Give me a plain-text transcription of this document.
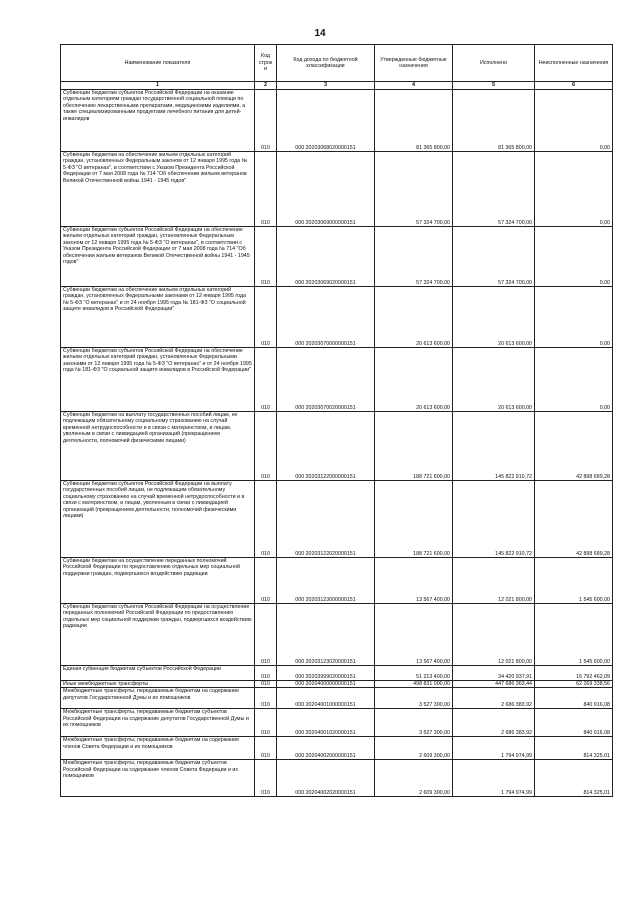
14
Наименование показателя	Код строк и	Код дохода по бюджетной классификации	Утвержденные бюджетные назначения	Исполнено	Неисполненные назначения
1	2	3	4	5	6
Субвенции бюджетам субъектов Российской Федерации на оказание отдельным категориям граждан государственной социальной помощи по обеспечению лекарственными препаратами, медицинскими изделиями, а также специализированными продуктами лечебного питания для детей-инвалидов	010	000 20203068020000151	81 365 800,00	81 365 800,00	0,00
Субвенции бюджетам на обеспечение жильем отдельных категорий граждан, установленных Федеральным законом от 12 января 1995 года № 5-ФЗ "О ветеранах", в соответствии с Указом Президента Российской Федерации от 7 мая 2008 года № 714 "Об обеспечении жильем ветеранов Великой Отечественной войны 1941 - 1945 годов"	010	000 20203069000000151	57 324 700,00	57 324 700,00	0,00
Субвенции бюджетам субъектов Российской Федерации на обеспечение жильем отдельных категорий граждан, установленных Федеральным законом от 12 января 1995 года № 5-ФЗ "О ветеранах", в соответствии с Указом Президента Российской Федерации от 7 мая 2008 года № 714 "Об обеспечении жильем ветеранов Великой Отечественной войны 1941 - 1945 годов"	010	000 20203069020000151	57 324 700,00	57 324 700,00	0,00
Субвенции бюджетам на обеспечение жильем отдельных категорий граждан, установленных Федеральными законами от 12 января 1995 года № 5-ФЗ "О ветеранах" и от 24 ноября 1995 года № 181-ФЗ "О социальной защите инвалидов в Российской Федерации"	010	000 20203070000000151	20 613 600,00	20 613 600,00	0,00
Субвенции бюджетам субъектов Российской Федерации на обеспечение жильем отдельных категорий граждан, установленных Федеральными законами от 12 января 1995 года № 5-ФЗ "О ветеранах" и от 24 ноября 1995 года № 181-ФЗ "О социальной защите инвалидов в Российской Федерации"	010	000 20203070020000151	20 613 600,00	20 613 600,00	0,00
Субвенции бюджетам на выплату государственных пособий лицам, не подлежащим обязательному социальному страхованию на случай временной нетрудоспособности и в связи с материнством, и лицам, уволенным в связи с ликвидацией организаций (прекращением деятельности, полномочий физическими лицами)	010	000 20203122000000151	188 721 600,00	145 822 910,72	42 898 689,28
Субвенции бюджетам субъектов Российской Федерации на выплату государственных пособий лицам, не подлежащим обязательному социальному страхованию на случай временной нетрудоспособности и в связи с материнством, и лицам, уволенным в связи с ликвидацией организаций (прекращением деятельности, полномочий физическими лицами)	010	000 20203122020000151	188 721 600,00	145 822 910,72	42 898 689,28
Субвенции бюджетам на осуществление переданных полномочий Российской Федерации по предоставлению отдельных мер социальной поддержки граждан, подвергшихся воздействию радиации	010	000 20203123000000151	13 567 400,00	12 021 800,00	1 545 600,00
Субвенции бюджетам субъектов Российской Федерации на осуществление переданных полномочий Российской Федерации по предоставлению отдельных мер социальной поддержки граждан, подвергшихся воздействию радиации	010	000 20203123020000151	13 567 400,00	12 021 800,00	1 545 600,00
Единая субвенция бюджетам субъектов Российской Федерации	010	000 20203999020000151	51 213 400,00	34 420 937,91	16 792 462,09
Иные межбюджетные трансферты	010	000 20204000000000151	498 831 000,00	447 686 363,44	62 269 338,56
Межбюджетные трансферты, передаваемые бюджетам на содержание депутатов Государственной Думы и их помощников	010	000 20204001000000151	3 527 300,00	2 686 383,92	840 916,08
Межбюджетные трансферты, передаваемые бюджетам субъектов Российской Федерации на содержание депутатов Государственной Думы и их помощников	010	000 20204001020000151	3 527 300,00	2 686 383,92	840 916,08
Межбюджетные трансферты, передаваемые бюджетам на содержание членов Совета Федерации и их помощников	010	000 20204002000000151	2 609 300,00	1 794 974,99	814 325,01
Межбюджетные трансферты, передаваемые бюджетам субъектов Российской Федерации на содержание членов Совета Федерации и их помощников	010	000 20204002020000151	2 609 300,00	1 794 974,99	814 325,01
